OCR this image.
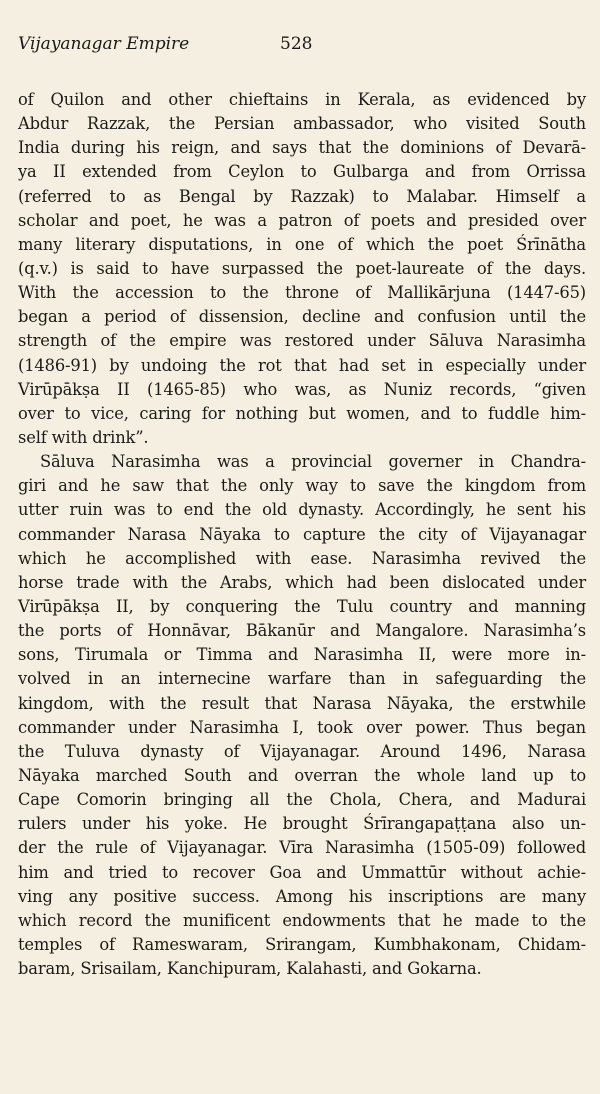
Vijayanagar Empire	528
of Quilon and other chieftains in Kerala, as evidenced by
Abdur Razzak, the Persian ambassador, who visited South
India during his reign, and says that the dominions of Devarā-
ya II extended from Ceylon to Gulbarga and from Orrissa
(referred to as Bengal by Razzak) to Malabar. Himself a
scholar and poet, he was a patron of poets and presided over
many literary disputations, in one of which the poet Śrīnātha
(q.v.) is said to have surpassed the poet-laureate of the days.
With the accession to the throne of Mallikārjuna (1447-65)
began a period of dissension, decline and confusion until the
strength of the empire was restored under Sāluva Narasimha
(1486-91) by undoing the rot that had set in especially under
Virūpākṣa II (1465-85) who was, as Nuniz records, “given
over to vice, caring for nothing but women, and to fuddle him-
self with drink”.
Sāluva Narasimha was a provincial governer in Chandra-
giri and he saw that the only way to save the kingdom from
utter ruin was to end the old dynasty. Accordingly, he sent his
commander Narasa Nāyaka to capture the city of Vijayanagar
which he accomplished with ease. Narasimha revived the
horse trade with the Arabs, which had been dislocated under
Virūpākṣa II, by conquering the Tulu country and manning
the ports of Honnāvar, Bākanūr and Mangalore. Narasimha’s
sons, Tirumala or Timma and Narasimha II, were more in-
volved in an internecine warfare than in safeguarding the
kingdom, with the result that Narasa Nāyaka, the erstwhile
commander under Narasimha I, took over power. Thus began
the Tuluva dynasty of Vijayanagar. Around 1496, Narasa
Nāyaka marched South and overran the whole land up to
Cape Comorin bringing all the Chola, Chera, and Madurai
rulers under his yoke. He brought Śrīrangapaṭṭana also un-
der the rule of Vijayanagar. Vīra Narasimha (1505-09) followed
him and tried to recover Goa and Ummattūr without achie-
ving any positive success. Among his inscriptions are many
which record the munificent endowments that he made to the
temples of Rameswaram, Srirangam, Kumbhakonam, Chidam-
baram, Srisailam, Kanchipuram, Kalahasti, and Gokarna.
